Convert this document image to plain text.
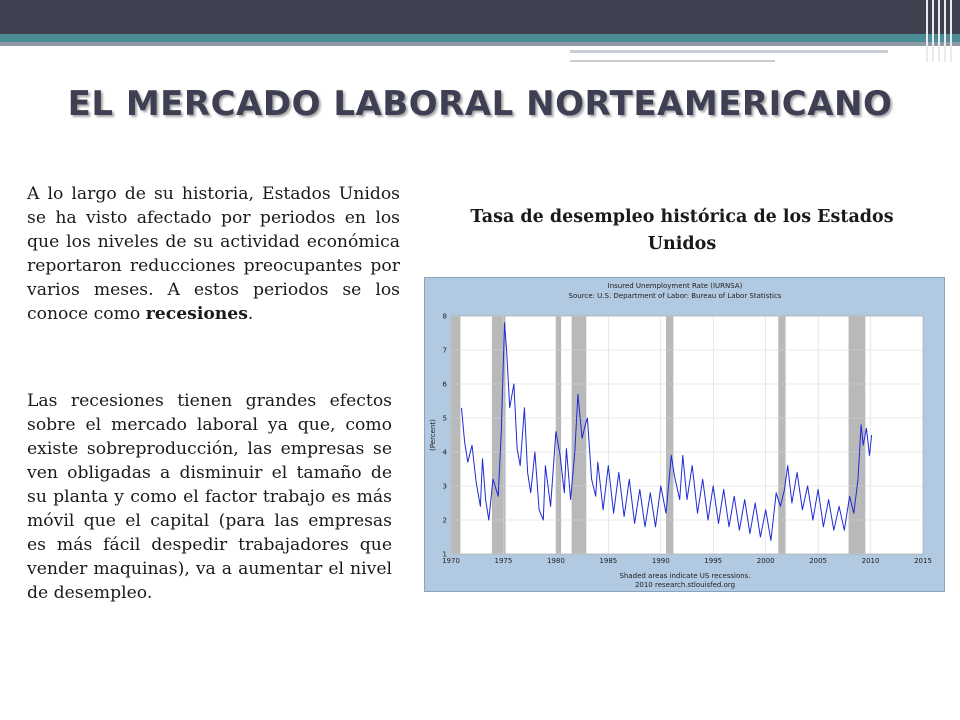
EL MERCADO LABORAL NORTEAMERICANO

A lo largo de su historia, Estados Unidos se ha visto afectado por periodos en los que los niveles de su actividad económica reportaron reducciones preocupantes por varios meses. A estos periodos se los conoce como recesiones.

Las recesiones tienen grandes efectos sobre el mercado laboral ya que, como existe sobreproducción, las empresas se ven obligadas a disminuir el tamaño de su planta y como el factor trabajo es más móvil que el capital (para las empresas es más fácil despedir trabajadores que vender maquinas), va a aumentar el nivel de desempleo.

Tasa de desempleo histórica de los Estados Unidos
Insured Unemployment Rate (IURNSA)
Source: U.S. Department of Labor: Bureau of Labor Statistics
1970	1975	1980	1985	1990	1995	2000	2005	2010	2015
1
2
3
4
5
6
7
8
(Percent)
Shaded areas indicate US recessions.
2010 research.stlouisfed.org
